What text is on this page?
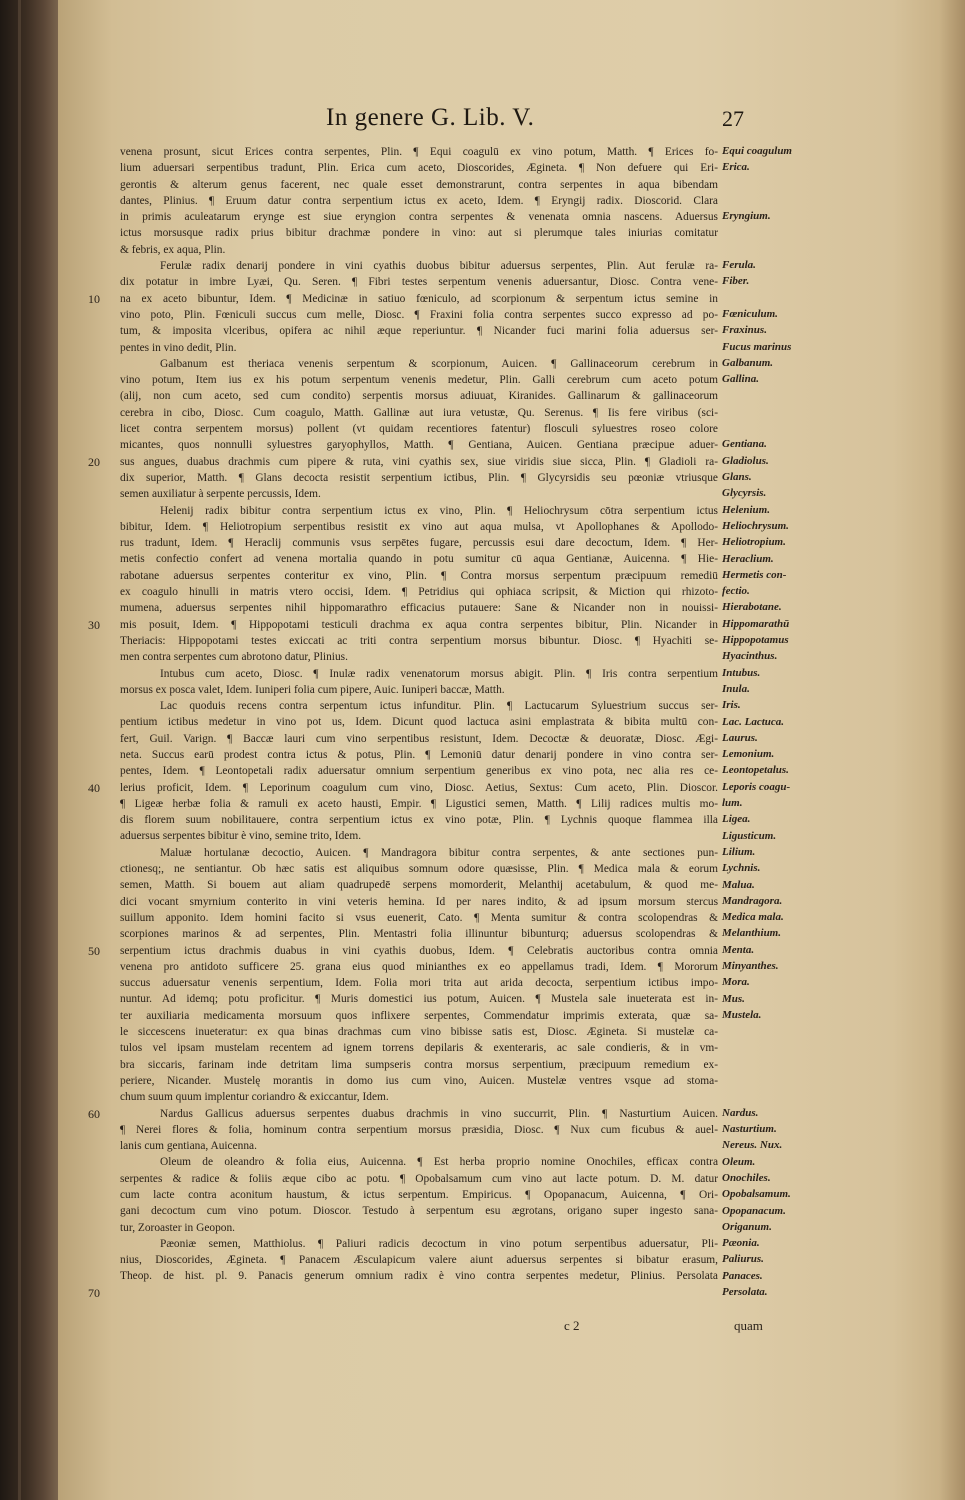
In genere G. Lib. V.	27
venena prosunt, sicut Erices contra serpentes, Plin. ¶ Equi coagulū ex vino potum, Matth. ¶ Erices fo-
lium aduersari serpentibus tradunt, Plin. Erica cum aceto, Dioscorides, Ægineta. ¶ Non defuere qui Eri-
gerontis & alterum genus facerent, nec quale esset demonstrarunt, contra serpentes in aqua bibendam
dantes, Plinius. ¶ Eruum datur contra serpentium ictus ex aceto, Idem. ¶ Eryngij radix. Dioscorid. Clara
in primis aculeatarum erynge est siue eryngion contra serpentes & venenata omnia nascens. Aduersus
ictus morsusque radix prius bibitur drachmæ pondere in vino: aut si plerumque tales iniurias comitatur
& febris, ex aqua, Plin.
Ferulæ radix denarij pondere in vini cyathis duobus bibitur aduersus serpentes, Plin. Aut ferulæ ra-
dix potatur in imbre Lyæi, Qu. Seren. ¶ Fibri testes serpentum venenis aduersantur, Diosc. Contra vene-
na ex aceto bibuntur, Idem. ¶ Medicinæ in satiuo fœniculo, ad scorpionum & serpentum ictus semine in
vino poto, Plin. Fœniculi succus cum melle, Diosc. ¶ Fraxini folia contra serpentes succo expresso ad po-
tum, & imposita vlceribus, opifera ac nihil æque reperiuntur. ¶ Nicander fuci marini folia aduersus ser-
pentes in vino dedit, Plin.
Galbanum est theriaca venenis serpentum & scorpionum, Auicen. ¶ Gallinaceorum cerebrum in
vino potum, Item ius ex his potum serpentum venenis medetur, Plin. Galli cerebrum cum aceto potum
(alij, non cum aceto, sed cum condito) serpentis morsus adiuuat, Kiranides. Gallinarum & gallinaceorum
cerebra in cibo, Diosc. Cum coagulo, Matth. Gallinæ aut iura vetustæ, Qu. Serenus. ¶ Iis fere viribus (sci-
licet contra serpentem morsus) pollent (vt quidam recentiores fatentur) flosculi syluestres roseo colore
micantes, quos nonnulli syluestres garyophyllos, Matth. ¶ Gentiana, Auicen. Gentiana præcipue aduer-
sus angues, duabus drachmis cum pipere & ruta, vini cyathis sex, siue viridis siue sicca, Plin. ¶ Gladioli ra-
dix superior, Matth. ¶ Glans decocta resistit serpentium ictibus, Plin. ¶ Glycyrsidis seu pœoniæ vtriusque
semen auxiliatur à serpente percussis, Idem.
Helenij radix bibitur contra serpentium ictus ex vino, Plin. ¶ Heliochrysum cōtra serpentium ictus
bibitur, Idem. ¶ Heliotropium serpentibus resistit ex vino aut aqua mulsa, vt Apollophanes & Apollodo-
rus tradunt, Idem. ¶ Heraclij communis vsus serpētes fugare, percussis esui dare decoctum, Idem. ¶ Her-
metis confectio confert ad venena mortalia quando in potu sumitur cū aqua Gentianæ, Auicenna. ¶ Hie-
rabotane aduersus serpentes conteritur ex vino, Plin. ¶ Contra morsus serpentum præcipuum remediū
ex coagulo hinulli in matris vtero occisi, Idem. ¶ Petridius qui ophiaca scripsit, & Miction qui rhizoto-
mumena, aduersus serpentes nihil hippomarathro efficacius putauere: Sane & Nicander non in nouissi-
mis posuit, Idem. ¶ Hippopotami testiculi drachma ex aqua contra serpentes bibitur, Plin. Nicander in
Theriacis: Hippopotami testes exiccati ac triti contra serpentium morsus bibuntur. Diosc. ¶ Hyachiti se-
men contra serpentes cum abrotono datur, Plinius.
Intubus cum aceto, Diosc. ¶ Inulæ radix venenatorum morsus abigit. Plin. ¶ Iris contra serpentium
morsus ex posca valet, Idem. Iuniperi folia cum pipere, Auic. Iuniperi baccæ, Matth.
Lac quoduis recens contra serpentum ictus infunditur. Plin. ¶ Lactucarum Syluestrium succus ser-
pentium ictibus medetur in vino pot us, Idem. Dicunt quod lactuca asini emplastrata & bibita multū con-
fert, Guil. Varign. ¶ Baccæ lauri cum vino serpentibus resistunt, Idem. Decoctæ & deuoratæ, Diosc. Ægi-
neta. Succus earū prodest contra ictus & potus, Plin. ¶ Lemoniū datur denarij pondere in vino contra ser-
pentes, Idem. ¶ Leontopetali radix aduersatur omnium serpentium generibus ex vino pota, nec alia res ce-
lerius proficit, Idem. ¶ Leporinum coagulum cum vino, Diosc. Aetius, Sextus: Cum aceto, Plin. Dioscor.
¶ Ligeæ herbæ folia & ramuli ex aceto hausti, Empir. ¶ Ligustici semen, Matth. ¶ Lilij radices multis mo-
dis florem suum nobilitauere, contra serpentium ictus ex vino potæ, Plin. ¶ Lychnis quoque flammea illa
aduersus serpentes bibitur è vino, semine trito, Idem.
Maluæ hortulanæ decoctio, Auicen. ¶ Mandragora bibitur contra serpentes, & ante sectiones pun-
ctionesq;, ne sentiantur. Ob hæc satis est aliquibus somnum odore quæsisse, Plin. ¶ Medica mala & eorum
semen, Matth. Si bouem aut aliam quadrupedē serpens momorderit, Melanthij acetabulum, & quod me-
dici vocant smyrnium conterito in vini veteris hemina. Id per nares indito, & ad ipsum morsum stercus
suillum apponito. Idem homini facito si vsus euenerit, Cato. ¶ Menta sumitur & contra scolopendras &
scorpiones marinos & ad serpentes, Plin. Mentastri folia illinuntur bibunturq; aduersus scolopendras &
serpentium ictus drachmis duabus in vini cyathis duobus, Idem. ¶ Celebratis auctoribus contra omnia
venena pro antidoto sufficere 25. grana eius quod minianthes ex eo appellamus tradi, Idem. ¶ Mororum
succus aduersatur venenis serpentium, Idem. Folia mori trita aut arida decocta, serpentium ictibus impo-
nuntur. Ad idemq; potu proficitur. ¶ Muris domestici ius potum, Auicen. ¶ Mustela sale inueterata est in-
ter auxiliaria medicamenta morsuum quos inflixere serpentes, Commendatur imprimis exterata, quæ sa-
le siccescens inueteratur: ex qua binas drachmas cum vino bibisse satis est, Diosc. Ægineta. Si mustelæ ca-
tulos vel ipsam mustelam recentem ad ignem torrens depilaris & exenteraris, ac sale condieris, & in vm-
bra siccaris, farinam inde detritam lima sumpseris contra morsus serpentium, præcipuum remedium ex-
periere, Nicander. Mustelę morantis in domo ius cum vino, Auicen. Mustelæ ventres vsque ad stoma-
chum suum quum implentur coriandro & exiccantur, Idem.
Nardus Gallicus aduersus serpentes duabus drachmis in vino succurrit, Plin. ¶ Nasturtium Auicen.
¶ Nerei flores & folia, hominum contra serpentium morsus præsidia, Diosc. ¶ Nux cum ficubus & auel-
lanis cum gentiana, Auicenna.
Oleum de oleandro & folia eius, Auicenna. ¶ Est herba proprio nomine Onochiles, efficax contra
serpentes & radice & foliis æque cibo ac potu. ¶ Opobalsamum cum vino aut lacte potum. D. M. datur
cum lacte contra aconitum haustum, & ictus serpentum. Empiricus. ¶ Opopanacum, Auicenna, ¶ Ori-
gani decoctum cum vino potum. Dioscor. Testudo à serpentum esu ægrotans, origano super ingesto sana-
tur, Zoroaster in Geopon.
Pæoniæ semen, Matthiolus. ¶ Paliuri radicis decoctum in vino potum serpentibus aduersatur, Pli-
nius, Dioscorides, Ægineta. ¶ Panacem Æsculapicum valere aiunt aduersus serpentes si bibatur erasum,
Theop. de hist. pl. 9. Panacis generum omnium radix è vino contra serpentes medetur, Plinius. Persolata
Equi coagulum
Erica.
Eryngium.
Ferula.
Fiber.
Fœniculum.
Fraxinus.
Fucus marinus
Galbanum.
Gallina.
Gentiana.
Gladiolus.
Glans.
Glycyrsis.
Helenium.
Heliochrysum.
Heliotropium.
Heraclium.
Hermetis con-
fectio.
Hierabotane.
Hippomarathū
Hippopotamus
Hyacinthus.
Intubus.
Inula.
Iris.
Lac. Lactuca.
Laurus.
Lemonium.
Leontopetalus.
Leporis coagu-
lum.
Ligea.
Ligusticum.
Lilium.
Lychnis.
Malua.
Mandragora.
Medica mala.
Melanthium.
Menta.
Minyanthes.
Mora.
Mus.
Mustela.
Nardus.
Nasturtium.
Nereus. Nux.
Oleum.
Onochiles.
Opobalsamum.
Opopanacum.
Origanum.
Pæonia.
Paliurus.
Panaces.
Persolata.
10
20
30
40
50
60
70
c 2	quam
